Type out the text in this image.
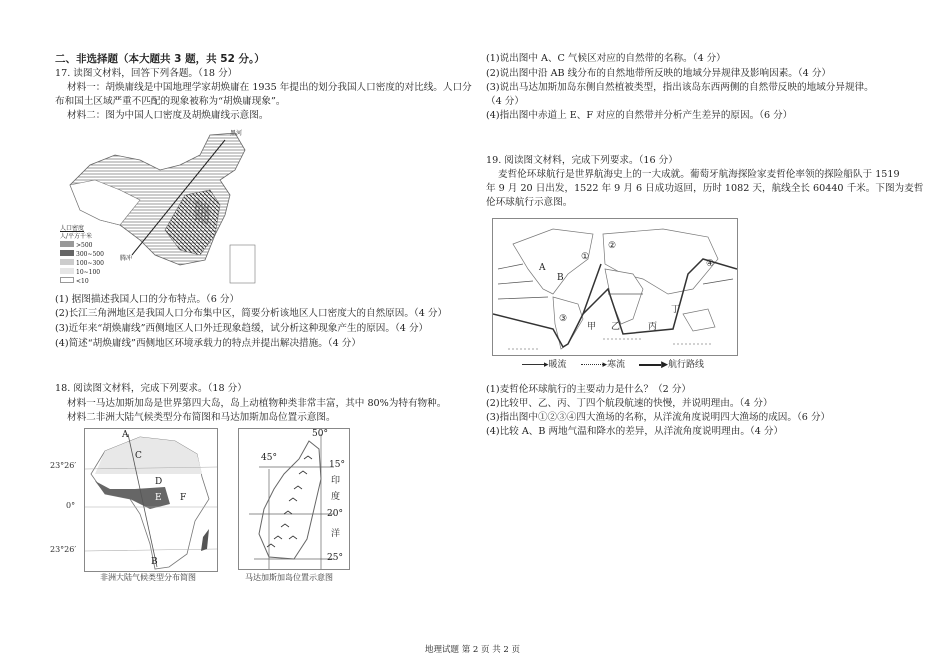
二、非选择题（本大题共 3 题，共 52 分。）
17. 读图文材料，回答下列各题。（18 分）
材料一：胡焕庸线是中国地理学家胡焕庸在 1935 年提出的划分我国人口密度的对比线。人口分
布和国土区域严重不匹配的现象被称为“胡焕庸现象”。
材料二：图为中国人口密度及胡焕庸线示意图。
黑河
腾冲
人口密度
人/平方千米
>500
300~500
100~300
10~100
<10
(1) 据图描述我国人口的分布特点。（6 分）
(2)长江三角洲地区是我国人口分布集中区，简要分析该地区人口密度大的自然原因。（4 分）
(3)近年来“胡焕庸线”西侧地区人口外迁现象趋缓，试分析这种现象产生的原因。（4 分）
(4)简述“胡焕庸线”西侧地区环境承载力的特点并提出解决措施。（4 分）
18. 阅读图文材料，完成下列要求。（18 分）
材料一马达加斯加岛是世界第四大岛，岛上动植物种类非常丰富，其中 80%为特有物种。
材料二非洲大陆气候类型分布简图和马达加斯加岛位置示意图。
A
B
C
D
E F
23°26′
0°
23°26′
非洲大陆气候类型分布简图
50°
45°
15°
20°
25°
印
度
洋
马达加斯加岛位置示意图
(1)说出图中 A、C 气候区对应的自然带的名称。（4 分）
(2)说出图中沿 AB 线分布的自然地带所反映的地域分异规律及影响因素。（4 分）
(3)说出马达加斯加岛东侧自然植被类型，指出该岛东西两侧的自然带反映的地域分异规律。
（4 分）
(4)指出图中赤道上 E、F 对应的自然带并分析产生差异的原因。（6 分）
19. 阅读图文材料，完成下列要求。（16 分）
麦哲伦环球航行是世界航海史上的一大成就。葡萄牙航海探险家麦哲伦率领的探险船队于 1519
年 9 月 20 日出发，1522 年 9 月 6 日成功返回，历时 1082 天，航线全长 60440 千米。下图为麦哲
伦环球航行示意图。
A
B
①
②
③
④
甲 乙	丙
丁
▸暖流	▸寒流	▶航行路线
(1)麦哲伦环球航行的主要动力是什么？（2 分）
(2)比较甲、乙、丙、丁四个航段航速的快慢，并说明理由。（4 分）
(3)指出图中①②③④四大渔场的名称，从洋流角度说明四大渔场的成因。（6 分）
(4)比较 A、B 两地气温和降水的差异，从洋流角度说明理由。（4 分）
地理试题 第 2 页 共 2 页
